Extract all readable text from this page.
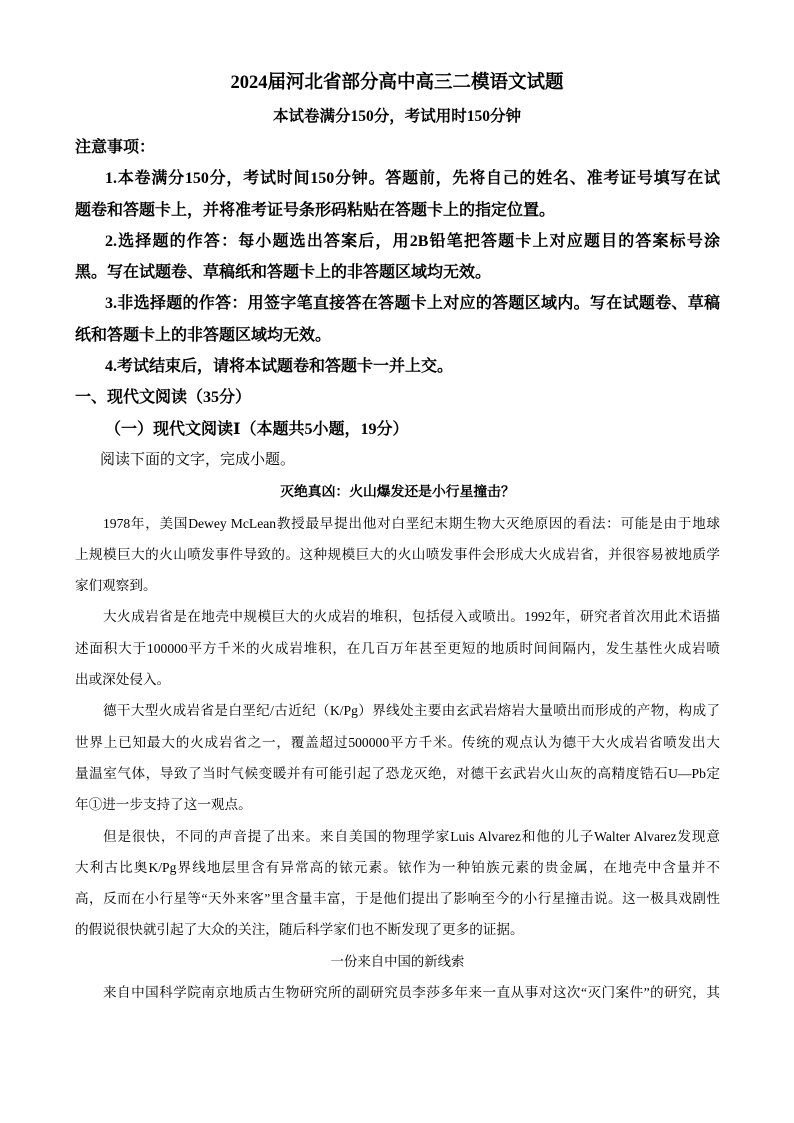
2024届河北省部分高中高三二模语文试题
本试卷满分150分，考试用时150分钟
注意事项：
1.本卷满分150分，考试时间150分钟。答题前，先将自己的姓名、准考证号填写在试
题卷和答题卡上，并将准考证号条形码粘贴在答题卡上的指定位置。
2.选择题的作答：每小题选出答案后，用2B铅笔把答题卡上对应题目的答案标号涂
黑。写在试题卷、草稿纸和答题卡上的非答题区域均无效。
3.非选择题的作答：用签字笔直接答在答题卡上对应的答题区域内。写在试题卷、草稿
纸和答题卡上的非答题区域均无效。
4.考试结束后，请将本试题卷和答题卡一并上交。
一、现代文阅读（35分）
（一）现代文阅读Ⅰ（本题共5小题，19分）
阅读下面的文字，完成小题。
灭绝真凶：火山爆发还是小行星撞击？
1978年，美国Dewey McLean教授最早提出他对白垩纪末期生物大灭绝原因的看法：可能是由于地球
上规模巨大的火山喷发事件导致的。这种规模巨大的火山喷发事件会形成大火成岩省，并很容易被地质学
家们观察到。
大火成岩省是在地壳中规模巨大的火成岩的堆积，包括侵入或喷出。1992年，研究者首次用此术语描
述面积大于100000平方千米的火成岩堆积，在几百万年甚至更短的地质时间间隔内，发生基性火成岩喷
出或深处侵入。
德干大型火成岩省是白垩纪/古近纪（K/Pg）界线处主要由玄武岩熔岩大量喷出而形成的产物，构成了
世界上已知最大的火成岩省之一，覆盖超过500000平方千米。传统的观点认为德干大火成岩省喷发出大
量温室气体，导致了当时气候变暖并有可能引起了恐龙灭绝，对德干玄武岩火山灰的高精度锆石U—Pb定
年①进一步支持了这一观点。
但是很快，不同的声音提了出来。来自美国的物理学家Luis Alvarez和他的儿子Walter Alvarez发现意
大利古比奥K/Pg界线地层里含有异常高的铱元素。铱作为一种铂族元素的贵金属，在地壳中含量并不
高，反而在小行星等“天外来客”里含量丰富，于是他们提出了影响至今的小行星撞击说。这一极具戏剧性
的假说很快就引起了大众的关注，随后科学家们也不断发现了更多的证据。
一份来自中国的新线索
来自中国科学院南京地质古生物研究所的副研究员李莎多年来一直从事对这次“灭门案件”的研究，其
